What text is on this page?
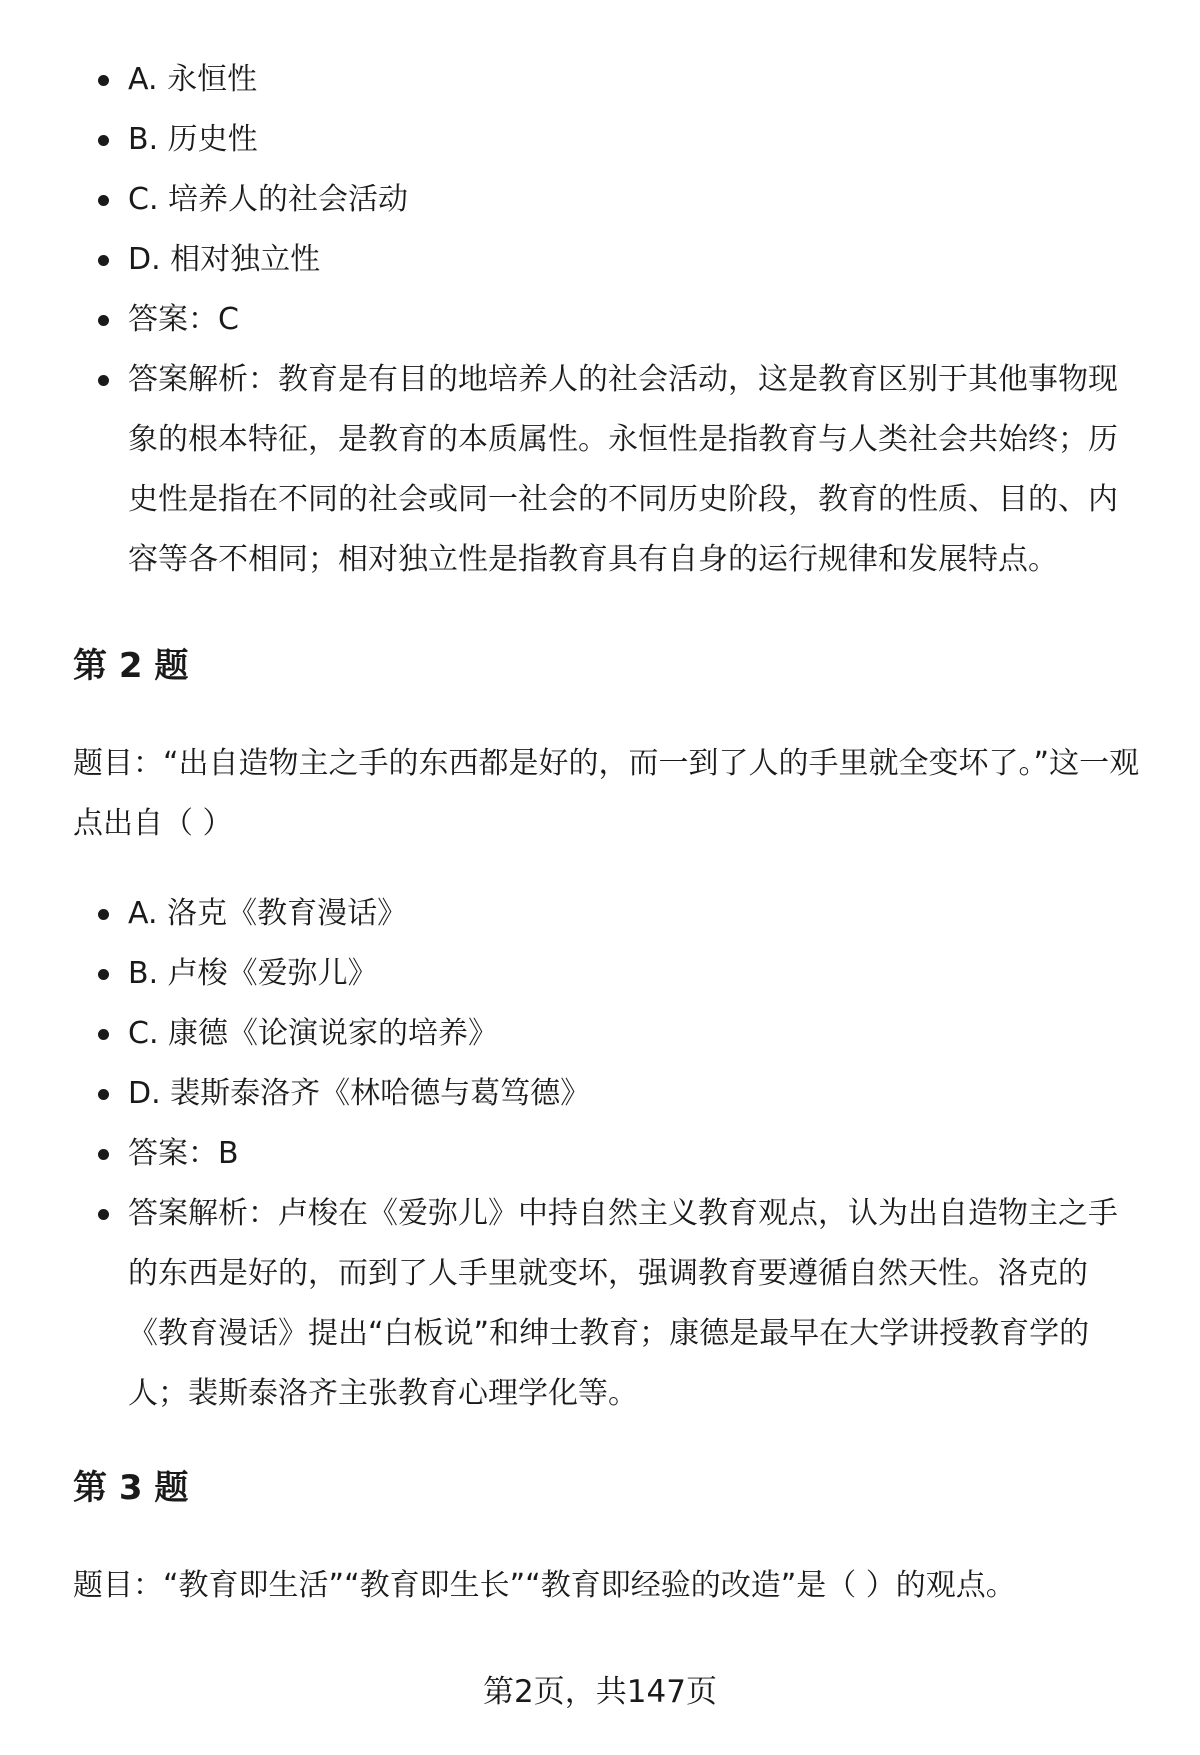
A. 永恒性
B. 历史性
C. 培养人的社会活动
D. 相对独立性
答案：C
答案解析：教育是有目的地培养人的社会活动，这是教育区别于其他事物现象的根本特征，是教育的本质属性。永恒性是指教育与人类社会共始终；历史性是指在不同的社会或同一社会的不同历史阶段，教育的性质、目的、内容等各不相同；相对独立性是指教育具有自身的运行规律和发展特点。
第 2 题

题目：“出自造物主之手的东西都是好的，而一到了人的手里就全变坏了。”这一观点出自（ ）

A. 洛克《教育漫话》
B. 卢梭《爱弥儿》
C. 康德《论演说家的培养》
D. 裴斯泰洛齐《林哈德与葛笃德》
答案：B
答案解析：卢梭在《爱弥儿》中持自然主义教育观点，认为出自造物主之手的东西是好的，而到了人手里就变坏，强调教育要遵循自然天性。洛克的《教育漫话》提出“白板说”和绅士教育；康德是最早在大学讲授教育学的人；裴斯泰洛齐主张教育心理学化等。
第 3 题

题目：“教育即生活”“教育即生长”“教育即经验的改造”是（ ）的观点。

第2页，共147页
